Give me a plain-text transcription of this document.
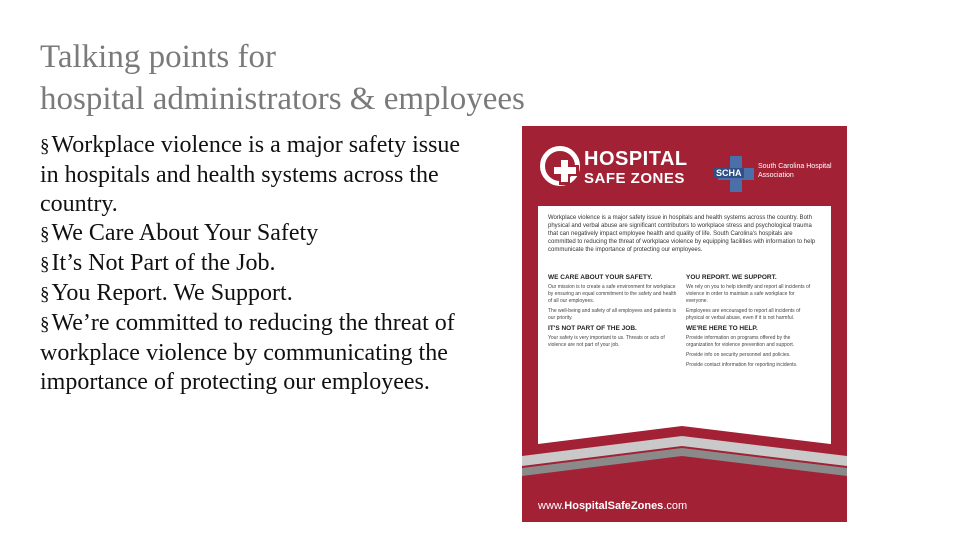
Talking points for
hospital administrators & employees
§Workplace violence is a major safety issue in hospitals and health systems across the country.
§We Care About Your Safety
§It’s Not Part of the Job.
§You Report. We Support.
§We’re committed to reducing the threat of workplace violence by communicating the importance of protecting our employees.
HOSPITAL
SAFE ZONES	SCHA
South Carolina Hospital Association
Workplace violence is a major safety issue in hospitals and health systems across the country. Both physical and verbal abuse are significant contributors to workplace stress and psychological trauma that can negatively impact employee health and quality of life. South Carolina's hospitals are committed to reducing the threat of workplace violence by equipping facilities with information to help communicate the importance of protecting our employees.
WE CARE ABOUT YOUR SAFETY.

Our mission is to create a safe environment for workplace by ensuring an equal commitment to the safety and health of all our employees.

The well-being and safety of all employees and patients is our priority.

IT'S NOT PART OF THE JOB.

Your safety is very important to us. Threats or acts of violence are not part of your job.

YOU REPORT. WE SUPPORT.

We rely on you to help identify and report all incidents of violence in order to maintain a safe workplace for everyone.

Employees are encouraged to report all incidents of physical or verbal abuse, even if it is not harmful.

WE'RE HERE TO HELP.

Provide information on programs offered by the organization for violence prevention and support.

Provide info on security personnel and policies.

Provide contact information for reporting incidents.

www.HospitalSafeZones.com
